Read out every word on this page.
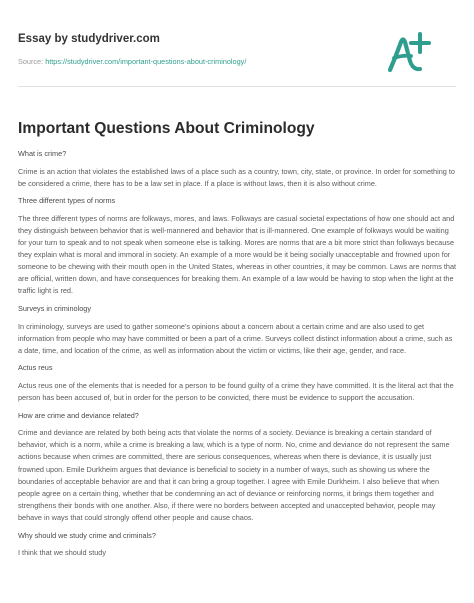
Essay by studydriver.com
Source: https://studydriver.com/important-questions-about-criminology/
Important Questions About Criminology

What is crime?

Crime is an action that violates the established laws of a place such as a country, town, city, state, or province. In order for something to be considered a crime, there has to be a law set in place. If a place is without laws, then it is also without crime.

Three different types of norms

The three different types of norms are folkways, mores, and laws. Folkways are casual societal expectations of how one should act and they distinguish between behavior that is well-mannered and behavior that is ill-mannered. One example of folkways would be waiting for your turn to speak and to not speak when someone else is talking. Mores are norms that are a bit more strict than folkways because they explain what is moral and immoral in society. An example of a more would be it being socially unacceptable and frowned upon for someone to be chewing with their mouth open in the United States, whereas in other countries, it may be common. Laws are norms that are official, written down, and have consequences for breaking them. An example of a law would be having to stop when the light at the traffic light is red.

Surveys in criminology

In criminology, surveys are used to gather someone's opinions about a concern about a certain crime and are also used to get information from people who may have committed or been a part of a crime. Surveys collect distinct information about a crime, such as a date, time, and location of the crime, as well as information about the victim or victims, like their age, gender, and race.

Actus reus

Actus reus one of the elements that is needed for a person to be found guilty of a crime they have committed. It is the literal act that the person has been accused of, but in order for the person to be convicted, there must be evidence to support the accusation.

How are crime and deviance related?

Crime and deviance are related by both being acts that violate the norms of a society. Deviance is breaking a certain standard of behavior, which is a norm, while a crime is breaking a law, which is a type of norm. No, crime and deviance do not represent the same actions because when crimes are committed, there are serious consequences, whereas when there is deviance, it is usually just frowned upon. Emile Durkheim argues that deviance is beneficial to society in a number of ways, such as showing us where the boundaries of acceptable behavior are and that it can bring a group together. I agree with Emile Durkheim. I also believe that when people agree on a certain thing, whether that be condemning an act of deviance or reinforcing norms, it brings them together and strengthens their bonds with one another. Also, if there were no borders between accepted and unaccepted behavior, people may behave in ways that could strongly offend other people and cause chaos.

Why should we study crime and criminals?

I think that we should study
